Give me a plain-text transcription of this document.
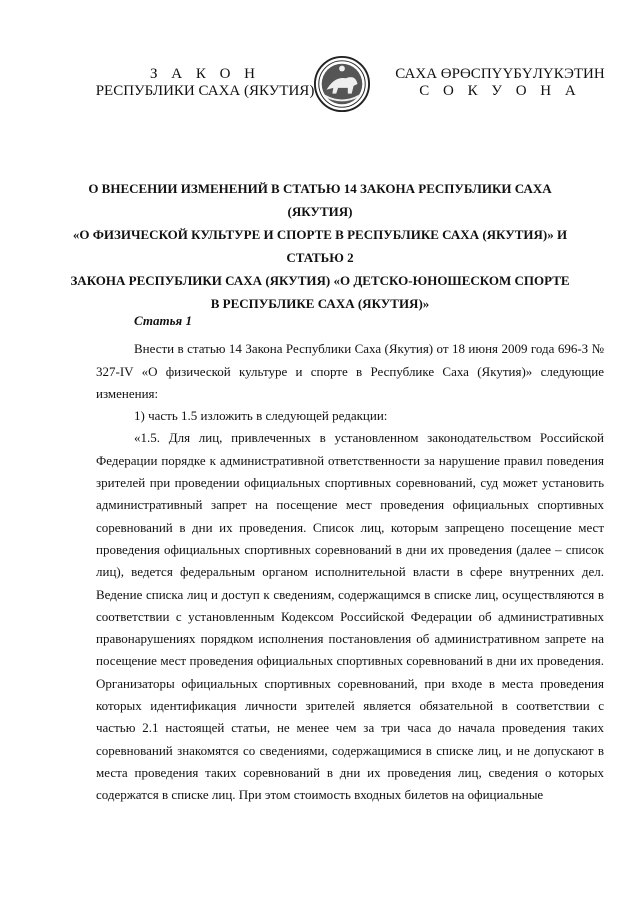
З А К О Н
РЕСПУБЛИКИ САХА (ЯКУТИЯ)
САХА ӨРӨСПҮҮБҮЛҮКЭТИН
С О К У О Н А
О ВНЕСЕНИИ ИЗМЕНЕНИЙ В СТАТЬЮ 14 ЗАКОНА РЕСПУБЛИКИ САХА (ЯКУТИЯ)
«О ФИЗИЧЕСКОЙ КУЛЬТУРЕ И СПОРТЕ В РЕСПУБЛИКЕ САХА (ЯКУТИЯ)» И СТАТЬЮ 2
ЗАКОНА РЕСПУБЛИКИ САХА (ЯКУТИЯ) «О ДЕТСКО-ЮНОШЕСКОМ СПОРТЕ
В РЕСПУБЛИКЕ САХА (ЯКУТИЯ)»

Статья 1

Внести в статью 14 Закона Республики Саха (Якутия) от 18 июня 2009 года 696-З № 327-IV «О физической культуре и спорте в Республике Саха (Якутия)» следующие изменения:

1) часть 1.5 изложить в следующей редакции:

«1.5. Для лиц, привлеченных в установленном законодательством Российской Федерации порядке к административной ответственности за нарушение правил поведения зрителей при проведении официальных спортивных соревнований, суд может установить административный запрет на посещение мест проведения официальных спортивных соревнований в дни их проведения. Список лиц, которым запрещено посещение мест проведения официальных спортивных соревнований в дни их проведения (далее – список лиц), ведется федеральным органом исполнительной власти в сфере внутренних дел. Ведение списка лиц и доступ к сведениям, содержащимся в списке лиц, осуществляются в соответствии с установленным Кодексом Российской Федерации об административных правонарушениях порядком исполнения постановления об административном запрете на посещение мест проведения официальных спортивных соревнований в дни их проведения. Организаторы официальных спортивных соревнований, при входе в места проведения которых идентификация личности зрителей является обязательной в соответствии с частью 2.1 настоящей статьи, не менее чем за три часа до начала проведения таких соревнований знакомятся со сведениями, содержащимися в списке лиц, и не допускают в места проведения таких соревнований в дни их проведения лиц, сведения о которых содержатся в списке лиц. При этом стоимость входных билетов на официальные
